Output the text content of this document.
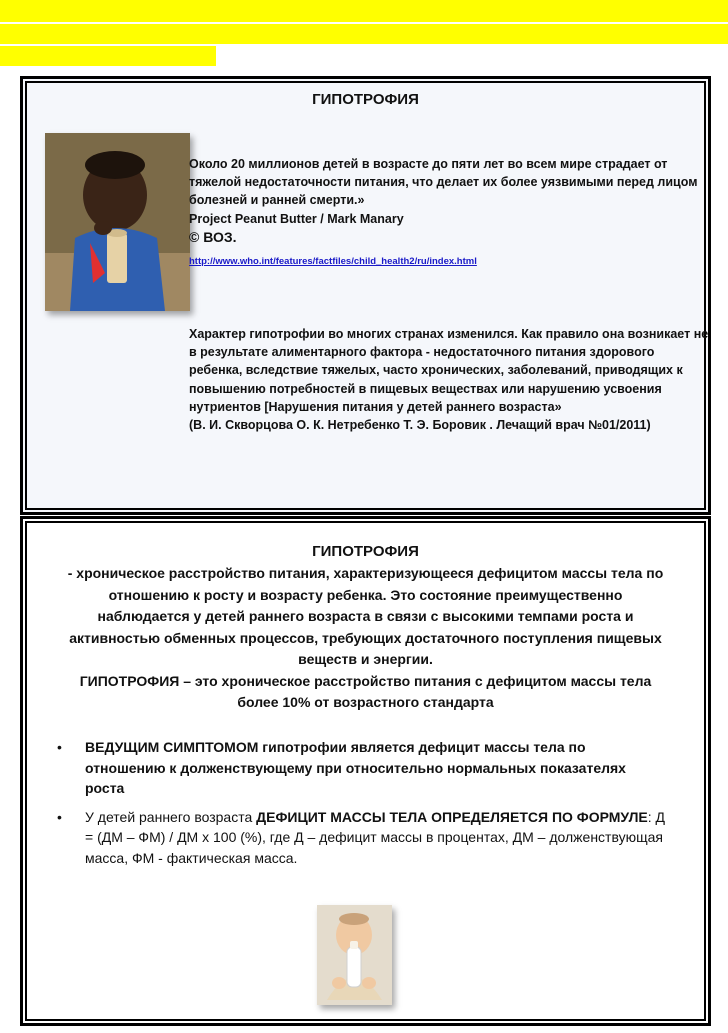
ГИПОТРОФИЯ
Около 20 миллионов детей в возрасте до пяти лет во всем мире страдает от тяжелой недостаточности питания, что делает их более уязвимыми перед лицом болезней и ранней смерти.»
Project Peanut Butter / Mark Manary
© ВОЗ.
http://www.who.int/features/factfiles/child_health2/ru/index.html
Характер гипотрофии во многих странах изменился. Как правило она возникает не в результате алиментарного фактора - недостаточного питания здорового ребенка, вследствие тяжелых, часто хронических, заболеваний, приводящих к повышению потребностей в пищевых веществах или нарушению усвоения нутриентов [Нарушения питания у детей раннего возраста»
(В. И. Скворцова О. К. Нетребенко Т. Э. Боровик . Лечащий врач №01/2011)
ГИПОТРОФИЯ
- хроническое расстройство питания, характеризующееся дефицитом массы тела по отношению к росту и возрасту ребенка. Это состояние преимущественно наблюдается у детей раннего возраста в связи с высокими темпами роста и активностью обменных процессов, требующих достаточного поступления пищевых веществ и энергии.
ГИПОТРОФИЯ – это хроническое расстройство питания с дефицитом массы тела более 10% от возрастного стандарта
• ВЕДУЩИМ СИМПТОМОМ гипотрофии является дефицит массы тела по отношению к долженствующему при относительно нормальных показателях роста
• У детей раннего возраста ДЕФИЦИТ МАССЫ ТЕЛА ОПРЕДЕЛЯЕТСЯ ПО ФОРМУЛЕ: Д = (ДМ – ФМ) / ДМ х 100 (%), где Д – дефицит массы в процентах, ДМ – долженствующая масса, ФМ - фактическая масса.
